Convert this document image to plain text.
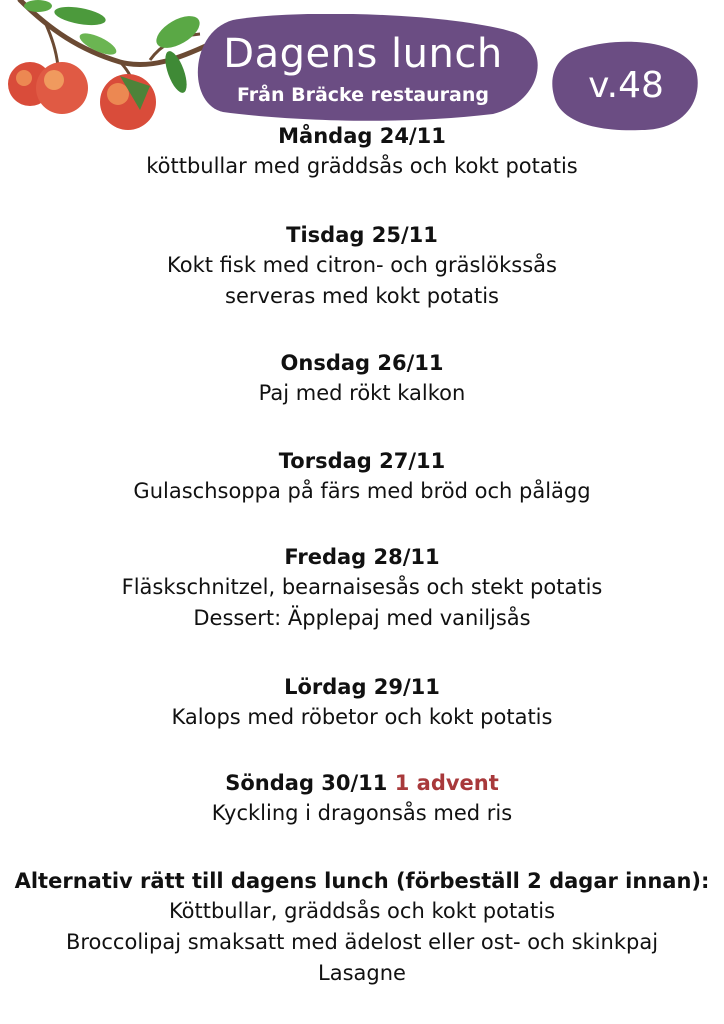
Dagens lunch
Från Bräcke restaurang	v.48
Måndag 24/11
köttbullar med gräddsås och kokt potatis
Tisdag 25/11
Kokt fisk med citron- och gräslökssås
serveras med kokt potatis
Onsdag 26/11
Paj med rökt kalkon
Torsdag 27/11
Gulaschsoppa på färs med bröd och pålägg
Fredag 28/11
Fläskschnitzel, bearnaisesås och stekt potatis
Dessert: Äpplepaj med vaniljsås
Lördag 29/11
Kalops med röbetor och kokt potatis
Söndag 30/11 1 advent
Kyckling i dragonsås med ris
Alternativ rätt till dagens lunch (förbeställ 2 dagar innan):
Köttbullar, gräddsås och kokt potatis
Broccolipaj smaksatt med ädelost eller ost- och skinkpaj
Lasagne
